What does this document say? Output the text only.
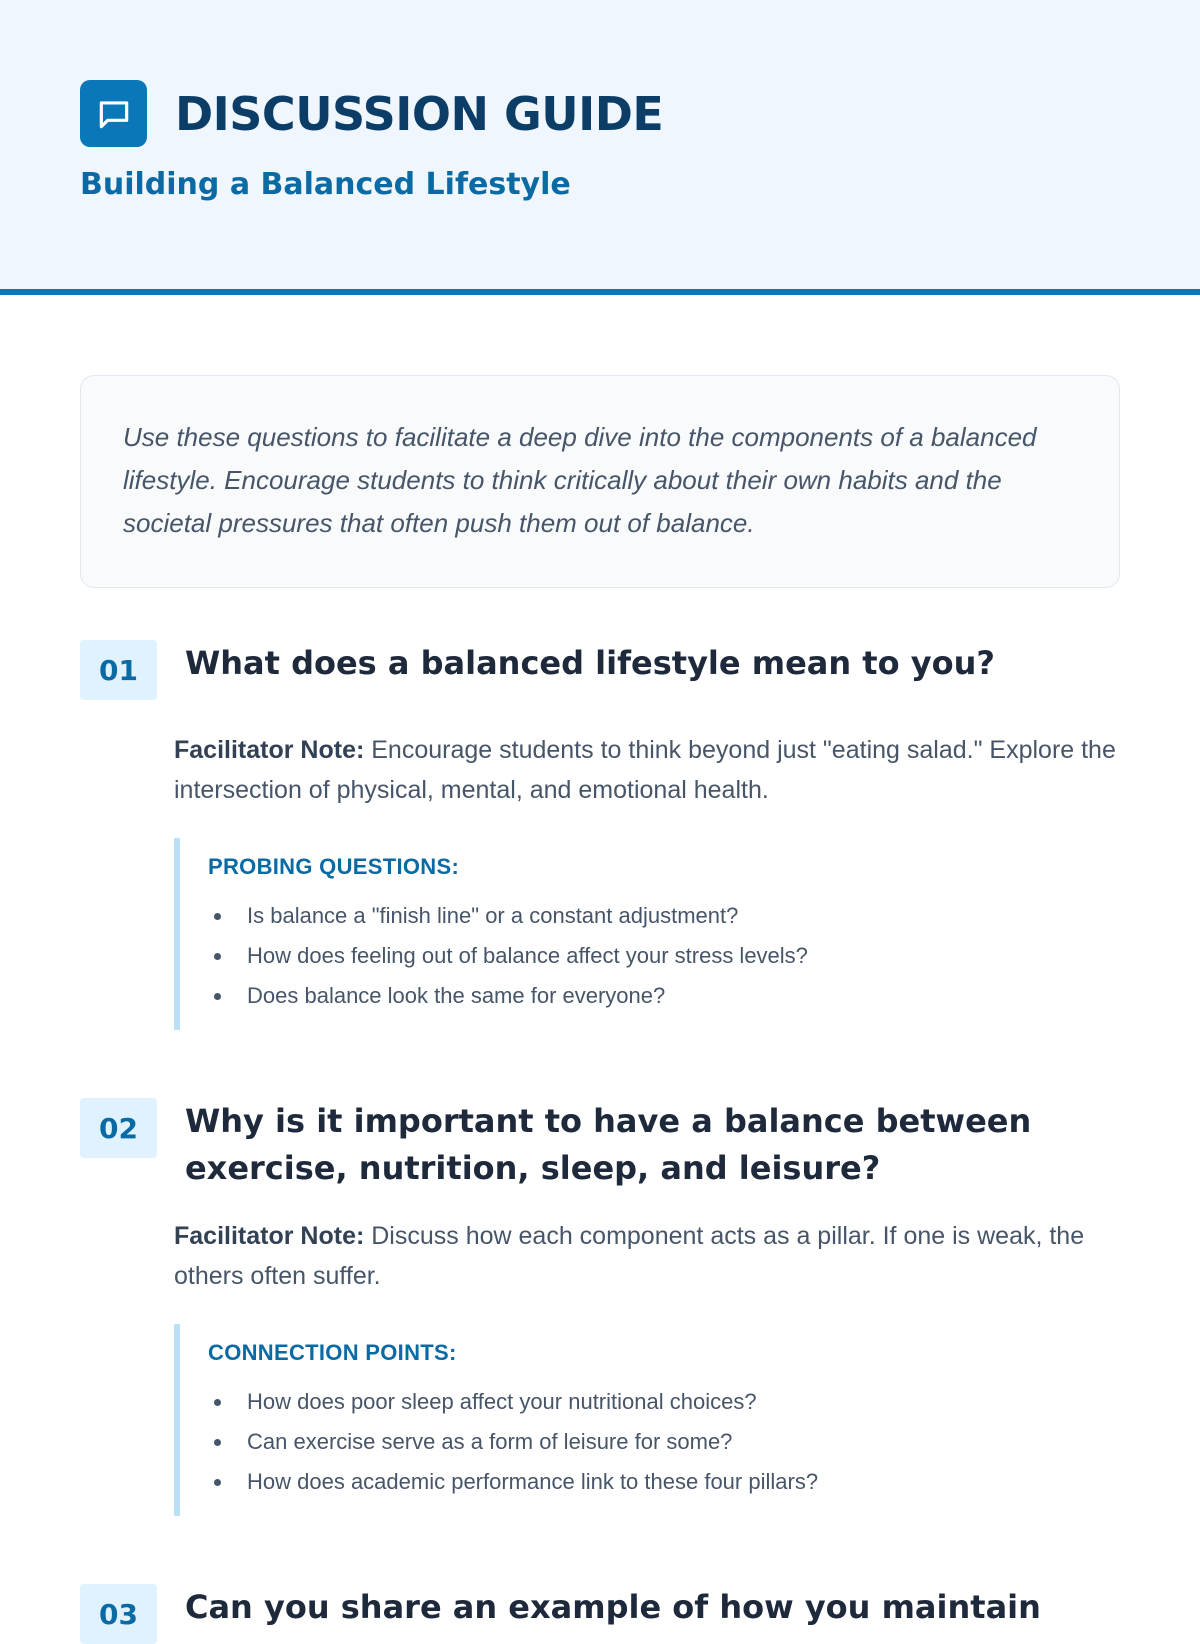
DISCUSSION GUIDE
Building a Balanced Lifestyle
Use these questions to facilitate a deep dive into the components of a balanced lifestyle. Encourage students to think critically about their own habits and the societal pressures that often push them out of balance.
01	What does a balanced lifestyle mean to you?

Facilitator Note: Encourage students to think beyond just "eating salad." Explore the intersection of physical, mental, and emotional health.

PROBING QUESTIONS:
Is balance a "finish line" or a constant adjustment?
How does feeling out of balance affect your stress levels?
Does balance look the same for everyone?
02	Why is it important to have a balance between exercise, nutrition, sleep, and leisure?

Facilitator Note: Discuss how each component acts as a pillar. If one is weak, the others often suffer.

CONNECTION POINTS:
How does poor sleep affect your nutritional choices?
Can exercise serve as a form of leisure for some?
How does academic performance link to these four pillars?
03	Can you share an example of how you maintain
